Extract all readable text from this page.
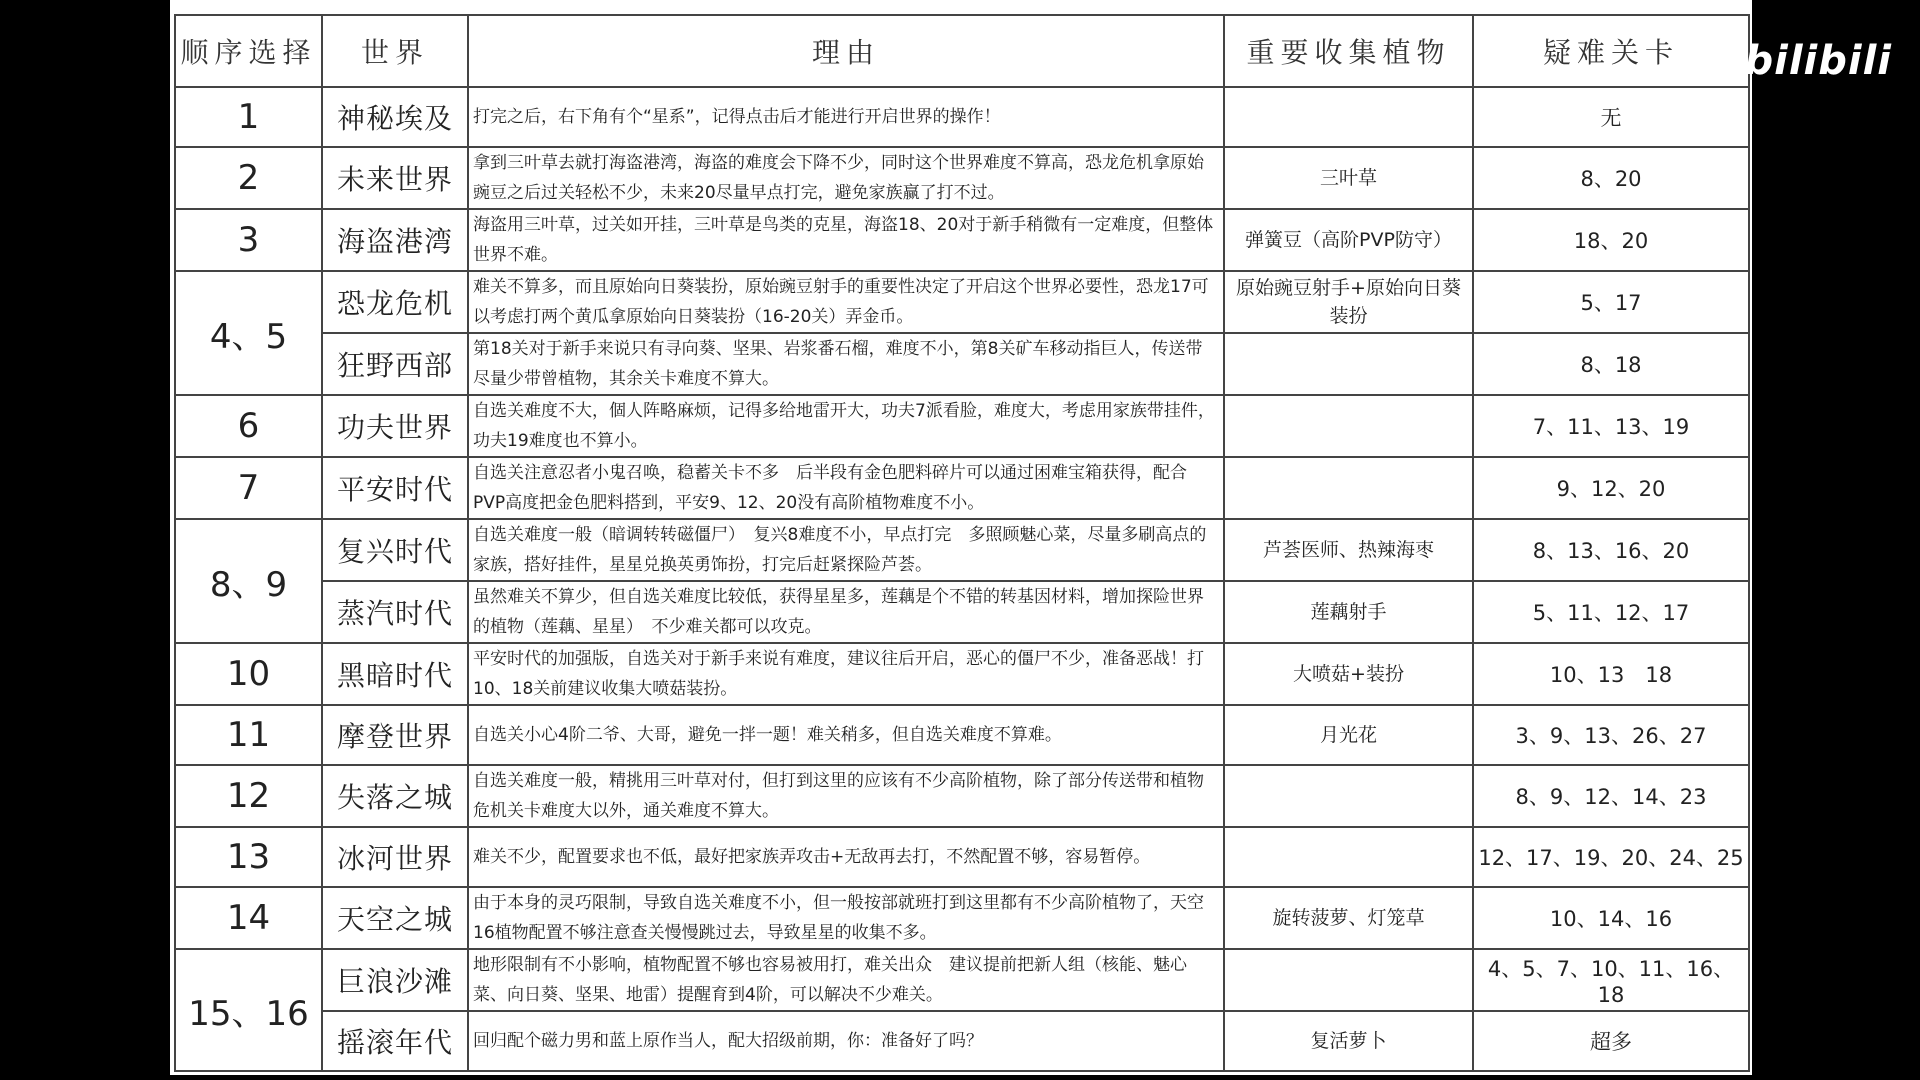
顺序选择	世界	理由	重要收集植物	疑难关卡
1	神秘埃及	打完之后，右下角有个“星系”，记得点击后才能进行开启世界的操作！		无
2	未来世界	拿到三叶草去就打海盗港湾，海盗的难度会下降不少，同时这个世界难度不算高，恐龙危机拿原始豌豆之后过关轻松不少，未来20尽量早点打完，避免家族赢了打不过。	三叶草	8、20
3	海盗港湾	海盗用三叶草，过关如开挂，三叶草是鸟类的克星，海盗18、20对于新手稍微有一定难度，但整体世界不难。	弹簧豆（高阶PVP防守）	18、20
4、5	恐龙危机	难关不算多，而且原始向日葵装扮，原始豌豆射手的重要性决定了开启这个世界必要性，恐龙17可以考虑打两个黄瓜拿原始向日葵装扮（16-20关）弄金币。	原始豌豆射手+原始向日葵装扮	5、17
	狂野西部	第18关对于新手来说只有寻向葵、坚果、岩浆番石榴，难度不小，第8关矿车移动指巨人，传送带尽量少带曾植物，其余关卡难度不算大。		8、18
6	功夫世界	自选关难度不大，個人阵略麻烦，记得多给地雷开大，功夫7派看脸，难度大，考虑用家族带挂件，功夫19难度也不算小。		7、11、13、19
7	平安时代	自选关注意忍者小鬼召唤，稳蓄关卡不多　后半段有金色肥料碎片可以通过困难宝箱获得，配合PVP高度把金色肥料搭到，平安9、12、20没有高阶植物难度不小。		9、12、20
8、9	复兴时代	自选关难度一般（暗调转转磁僵尸）　复兴8难度不小，早点打完　多照顾魅心菜，尽量多刷高点的家族，搭好挂件，星星兑换英勇饰扮，打完后赶紧探险芦荟。	芦荟医师、热辣海枣	8、13、16、20
	蒸汽时代	虽然难关不算少，但自选关难度比较低，获得星星多，莲藕是个不错的转基因材料，增加探险世界的植物（莲藕、星星）　不少难关都可以攻克。	莲藕射手	5、11、12、17
10	黑暗时代	平安时代的加强版，自选关对于新手来说有难度，建议往后开启，恶心的僵尸不少，准备恶战！打10、18关前建议收集大喷菇装扮。	大喷菇+装扮	10、13　18
11	摩登世界	自选关小心4阶二爷、大哥，避免一拌一题！难关稍多，但自选关难度不算难。	月光花	3、9、13、26、27
12	失落之城	自选关难度一般，精挑用三叶草对付，但打到这里的应该有不少高阶植物，除了部分传送带和植物危机关卡难度大以外，通关难度不算大。		8、9、12、14、23
13	冰河世界	难关不少，配置要求也不低，最好把家族弄攻击+无敌再去打，不然配置不够，容易暂停。		12、17、19、20、24、25
14	天空之城	由于本身的灵巧限制，导致自选关难度不小，但一般按部就班打到这里都有不少高阶植物了，天空16植物配置不够注意查关慢慢跳过去，导致星星的收集不多。	旋转菠萝、灯笼草	10、14、16
15、16	巨浪沙滩	地形限制有不小影响，植物配置不够也容易被用打，难关出众　建议提前把新人组（核能、魅心菜、向日葵、坚果、地雷）提醒育到4阶，可以解决不少难关。		4、5、7、10、11、16、18
	摇滚年代	回归配个磁力男和蓝上原作当人，配大招级前期，你：准备好了吗？	复活萝卜	超多
bilibili
